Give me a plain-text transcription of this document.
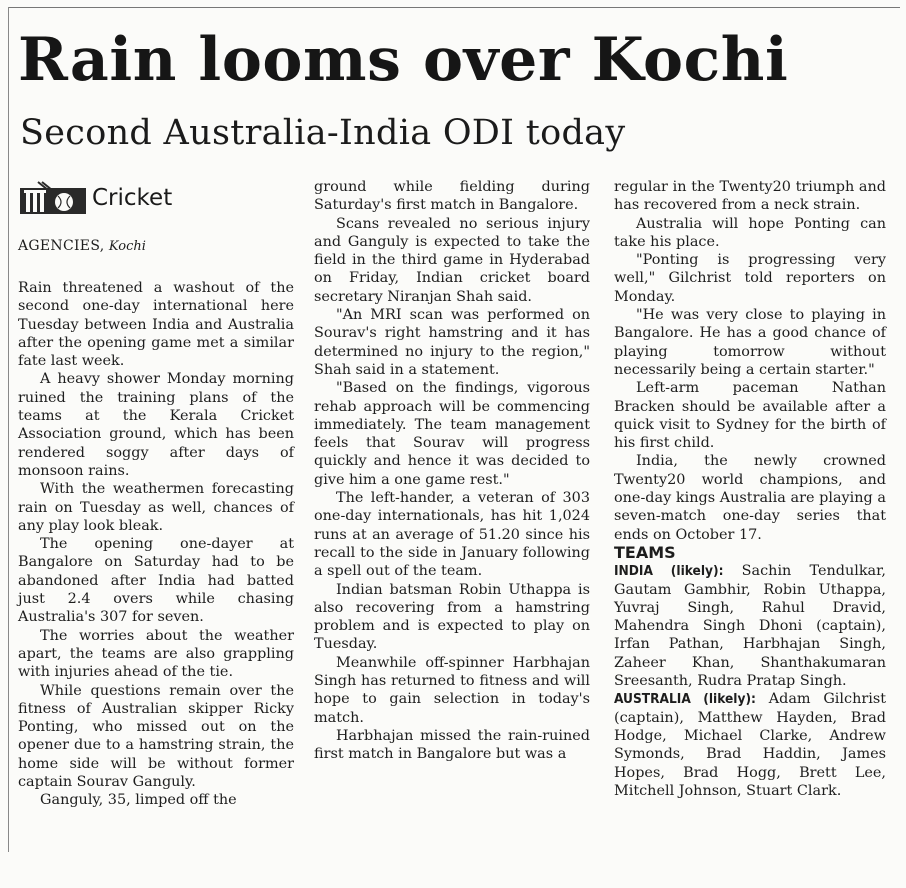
Rain looms over Kochi
Second Australia-India ODI today
Cricket
AGENCIES, Kochi

Rain threatened a washout of the second one-day international here Tuesday between India and Australia after the opening game met a similar fate last week.

A heavy shower Monday morning ruined the training plans of the teams at the Kerala Cricket Association ground, which has been rendered soggy after days of monsoon rains.

With the weathermen forecasting rain on Tuesday as well, chances of any play look bleak.

The opening one-dayer at Bangalore on Saturday had to be abandoned after India had batted just 2.4 overs while chasing Australia's 307 for seven.

The worries about the weather apart, the teams are also grappling with injuries ahead of the tie.

While questions remain over the fitness of Australian skipper Ricky Ponting, who missed out on the opener due to a hamstring strain, the home side will be without former captain Sourav Ganguly.

Ganguly, 35, limped off the

ground while fielding during Saturday's first match in Bangalore.

Scans revealed no serious injury and Ganguly is expected to take the field in the third game in Hyderabad on Friday, Indian cricket board secretary Niranjan Shah said.

"An MRI scan was performed on Sourav's right hamstring and it has determined no injury to the region," Shah said in a statement.

"Based on the findings, vigorous rehab approach will be commencing immediately. The team management feels that Sourav will progress quickly and hence it was decided to give him a one game rest."

The left-hander, a veteran of 303 one-day internationals, has hit 1,024 runs at an average of 51.20 since his recall to the side in January following a spell out of the team.

Indian batsman Robin Uthappa is also recovering from a hamstring problem and is expected to play on Tuesday.

Meanwhile off-spinner Harbhajan Singh has returned to fitness and will hope to gain selection in today's match.

Harbhajan missed the rain-ruined first match in Bangalore but was a

regular in the Twenty20 triumph and has recovered from a neck strain.

Australia will hope Ponting can take his place.

"Ponting is progressing very well," Gilchrist told reporters on Monday.

"He was very close to playing in Bangalore. He has a good chance of playing tomorrow without necessarily being a certain starter."

Left-arm paceman Nathan Bracken should be available after a quick visit to Sydney for the birth of his first child.

India, the newly crowned Twenty20 world champions, and one-day kings Australia are playing a seven-match one-day series that ends on October 17.

TEAMS

INDIA (likely): Sachin Tendulkar, Gautam Gambhir, Robin Uthappa, Yuvraj Singh, Rahul Dravid, Mahendra Singh Dhoni (captain), Irfan Pathan, Harbhajan Singh, Zaheer Khan, Shanthakumaran Sreesanth, Rudra Pratap Singh.

AUSTRALIA (likely): Adam Gilchrist (captain), Matthew Hayden, Brad Hodge, Michael Clarke, Andrew Symonds, Brad Haddin, James Hopes, Brad Hogg, Brett Lee, Mitchell Johnson, Stuart Clark.
